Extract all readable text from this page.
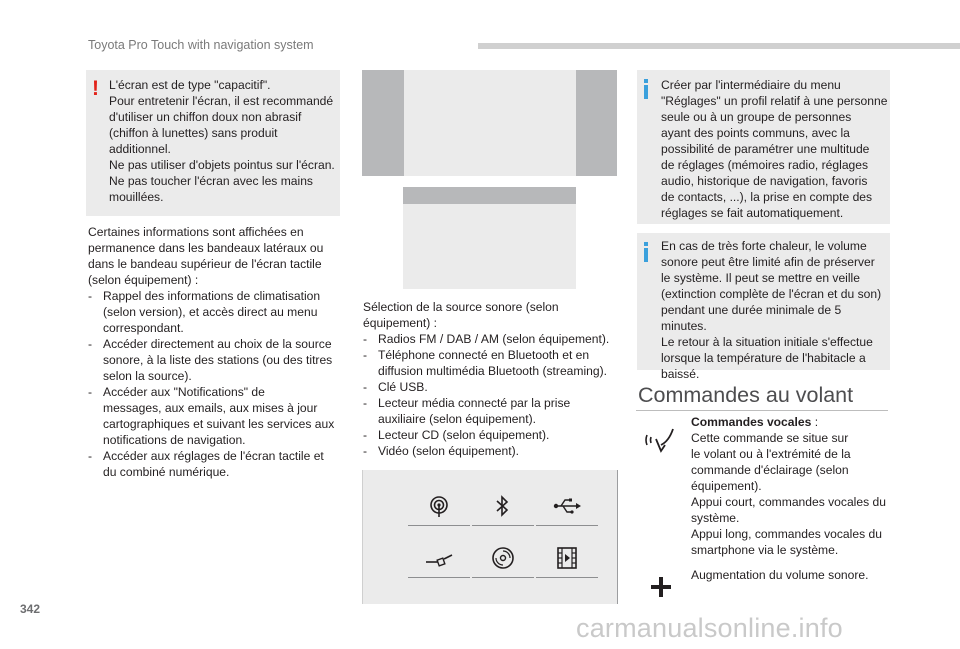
Toyota Pro Touch with navigation system
! L'écran est de type "capacitif".
Pour entretenir l'écran, il est recommandé
d'utiliser un chiffon doux non abrasif
(chiffon à lunettes) sans produit
additionnel.
Ne pas utiliser d'objets pointus sur l'écran.
Ne pas toucher l'écran avec les mains
mouillées.
Certaines informations sont affichées en
permanence dans les bandeaux latéraux ou
dans le bandeau supérieur de l'écran tactile
(selon équipement) :
- Rappel des informations de climatisation
(selon version), et accès direct au menu
correspondant.
- Accéder directement au choix de la source
sonore, à la liste des stations (ou des titres
selon la source).
- Accéder aux "Notifications" de
messages, aux emails, aux mises à jour
cartographiques et suivant les services aux
notifications de navigation.
- Accéder aux réglages de l'écran tactile et
du combiné numérique.
Sélection de la source sonore (selon
équipement) :
- Radios FM / DAB / AM (selon équipement).
- Téléphone connecté en Bluetooth et en
diffusion multimédia Bluetooth (streaming).
- Clé USB.
- Lecteur média connecté par la prise
auxiliaire (selon équipement).
- Lecteur CD (selon équipement).
- Vidéo (selon équipement).
Créer par l'intermédiaire du menu
"Réglages" un profil relatif à une personne
seule ou à un groupe de personnes
ayant des points communs, avec la
possibilité de paramétrer une multitude
de réglages (mémoires radio, réglages
audio, historique de navigation, favoris
de contacts, ...), la prise en compte des
réglages se fait automatiquement.
En cas de très forte chaleur, le volume
sonore peut être limité afin de préserver
le système. Il peut se mettre en veille
(extinction complète de l'écran et du son)
pendant une durée minimale de 5 minutes.
Le retour à la situation initiale s'effectue
lorsque la température de l'habitacle a
baissé.
Commandes au volant
Commandes vocales :
Cette commande se situe sur
le volant ou à l'extrémité de la
commande d'éclairage (selon
équipement).
Appui court, commandes vocales du
système.
Appui long, commandes vocales du
smartphone via le système.
Augmentation du volume sonore.
342
carmanualsonline.info
